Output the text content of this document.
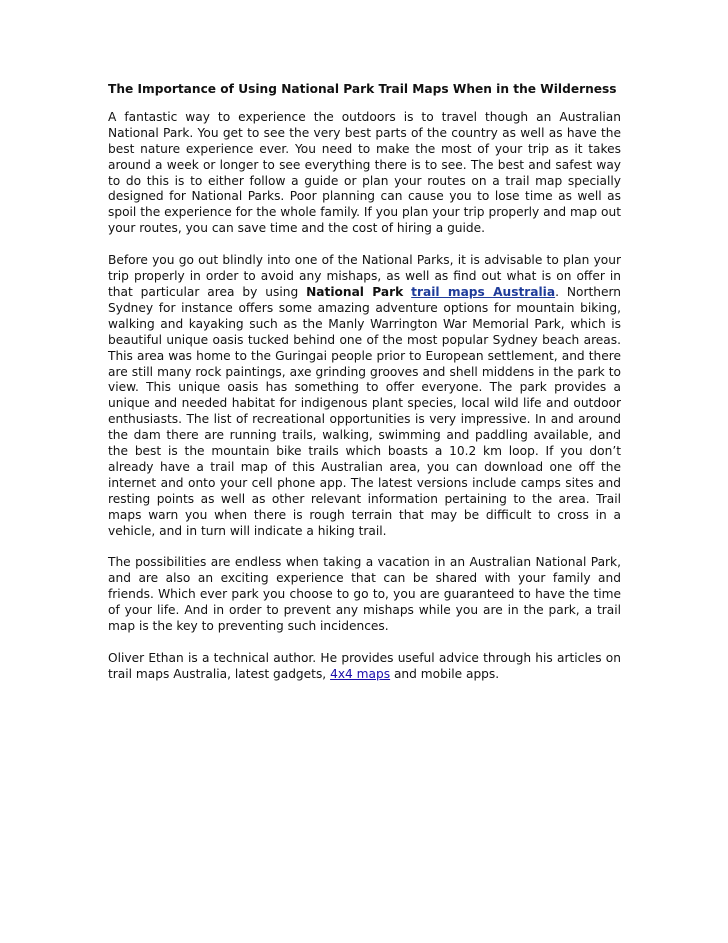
The Importance of Using National Park Trail Maps When in the Wilderness

A fantastic way to experience the outdoors is to travel though an Australian National Park. You get to see the very best parts of the country as well as have the best nature experience ever. You need to make the most of your trip as it takes around a week or longer to see everything there is to see. The best and safest way to do this is to either follow a guide or plan your routes on a trail map specially designed for National Parks. Poor planning can cause you to lose time as well as spoil the experience for the whole family. If you plan your trip properly and map out your routes, you can save time and the cost of hiring a guide.

Before you go out blindly into one of the National Parks, it is advisable to plan your trip properly in order to avoid any mishaps, as well as find out what is on offer in that particular area by using National Park trail maps Australia. Northern Sydney for instance offers some amazing adventure options for mountain biking, walking and kayaking such as the Manly Warrington War Memorial Park, which is beautiful unique oasis tucked behind one of the most popular Sydney beach areas. This area was home to the Guringai people prior to European settlement, and there are still many rock paintings, axe grinding grooves and shell middens in the park to view. This unique oasis has something to offer everyone. The park provides a unique and needed habitat for indigenous plant species, local wild life and outdoor enthusiasts. The list of recreational opportunities is very impressive. In and around the dam there are running trails, walking, swimming and paddling available, and the best is the mountain bike trails which boasts a 10.2 km loop. If you don’t already have a trail map of this Australian area, you can download one off the internet and onto your cell phone app. The latest versions include camps sites and resting points as well as other relevant information pertaining to the area. Trail maps warn you when there is rough terrain that may be difficult to cross in a vehicle, and in turn will indicate a hiking trail.

The possibilities are endless when taking a vacation in an Australian National Park, and are also an exciting experience that can be shared with your family and friends. Which ever park you choose to go to, you are guaranteed to have the time of your life. And in order to prevent any mishaps while you are in the park, a trail map is the key to preventing such incidences.

Oliver Ethan is a technical author. He provides useful advice through his articles on trail maps Australia, latest gadgets, 4x4 maps and mobile apps.
